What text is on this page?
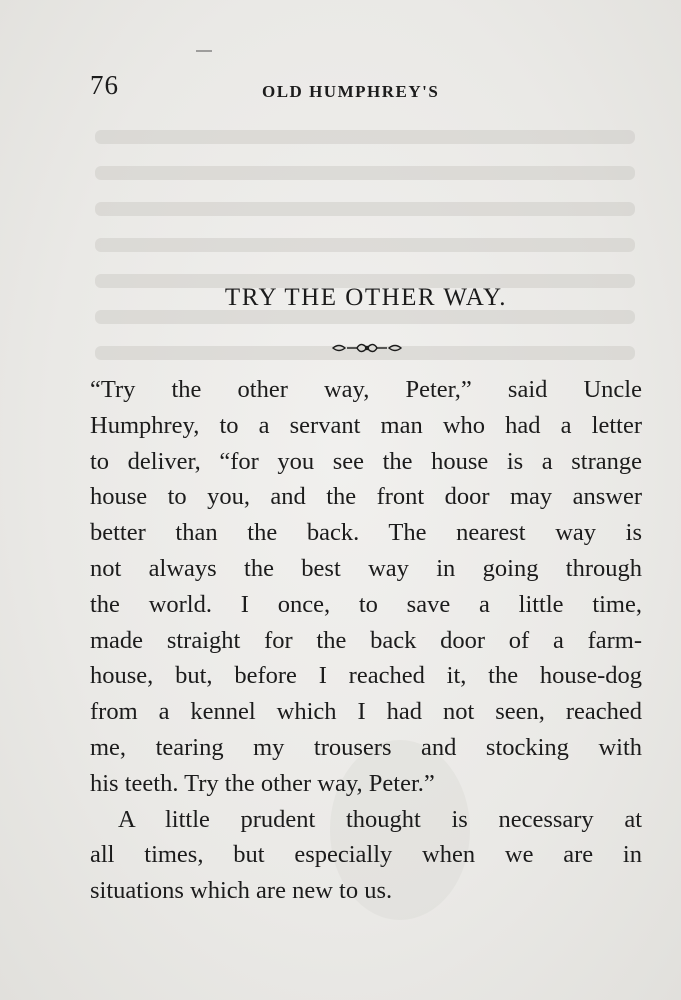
76	OLD HUMPHREY'S
TRY THE OTHER WAY.

“Try the other way, Peter,” said Uncle
Humphrey, to a servant man who had a letter
to deliver, “for you see the house is a strange
house to you, and the front door may answer
better than the back. The nearest way is
not always the best way in going through
the world. I once, to save a little time,
made straight for the back door of a farm-
house, but, before I reached it, the house-dog
from a kennel which I had not seen, reached
me, tearing my trousers and stocking with
his teeth. Try the other way, Peter.”

A little prudent thought is necessary at
all times, but especially when we are in
situations which are new to us.
